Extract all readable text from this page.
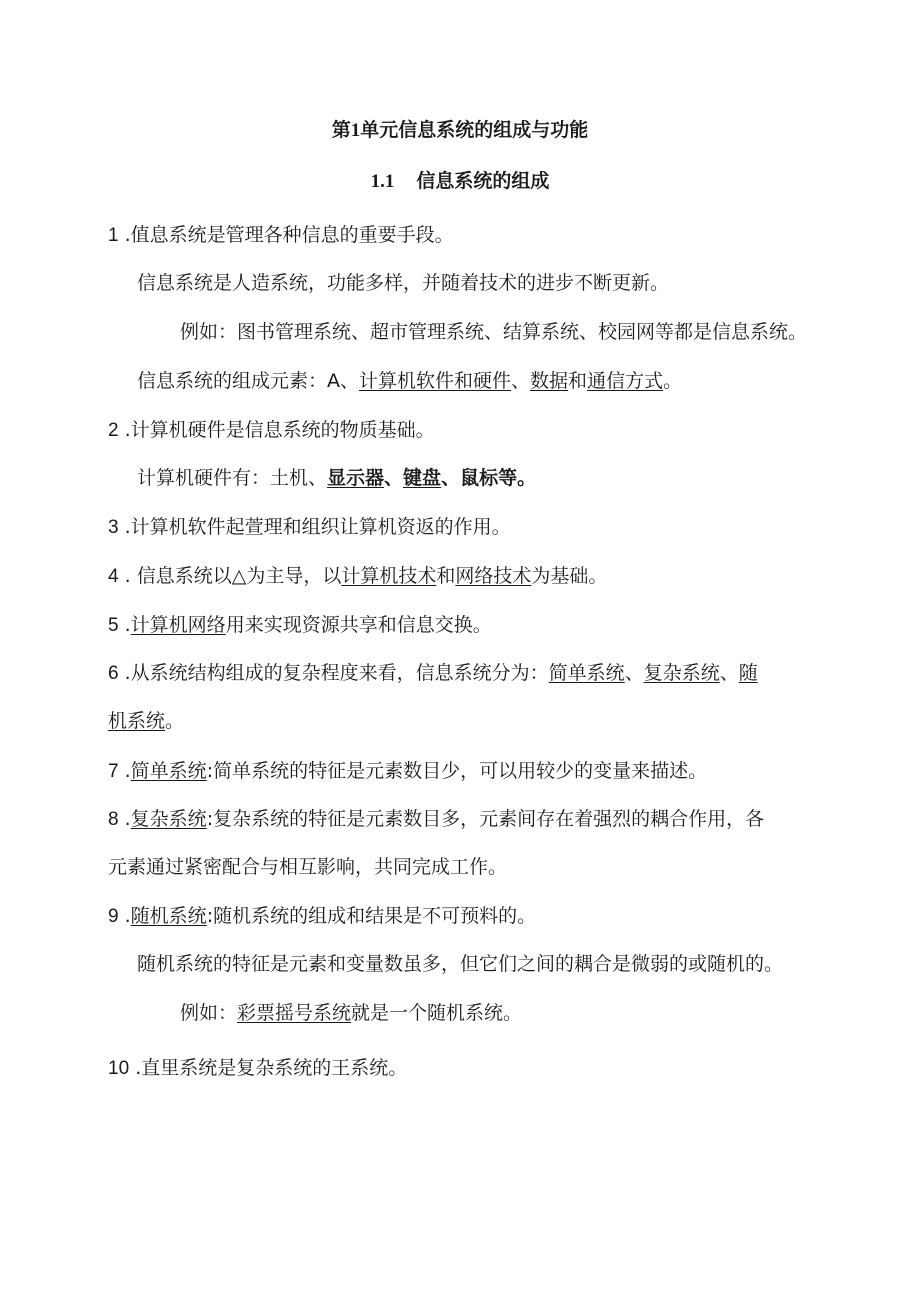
第1单元信息系统的组成与功能
1.1 信息系统的组成
1 .值息系统是管理各种信息的重要手段。
信息系统是人造系统，功能多样，并随着技术的进步不断更新。
例如：图书管理系统、超市管理系统、结算系统、校园网等都是信息系统。
信息系统的组成元素：A、计算机软件和硬件、数据和通信方式。
2 .计算机硬件是信息系统的物质基础。
计算机硬件有：土机、显示器、键盘、鼠标等。
3 .计算机软件起萱理和组织让算机资返的作用。
4 . 信息系统以△为主导，以计算机技术和网络技术为基础。
5 .计算机网络用来实现资源共享和信息交换。
6 .从系统结构组成的复杂程度来看，信息系统分为：简单系统、复杂系统、随
机系统。
7 .简单系统:简单系统的特征是元素数目少，可以用较少的变量来描述。
8 .复杂系统:复杂系统的特征是元素数目多，元素间存在着强烈的耦合作用，各
元素通过紧密配合与相互影响，共同完成工作。
9 .随机系统:随机系统的组成和结果是不可预料的。
随机系统的特征是元素和变量数虽多，但它们之间的耦合是微弱的或随机的。
例如：彩票摇号系统就是一个随机系统。
10 .直里系统是复杂系统的王系统。
